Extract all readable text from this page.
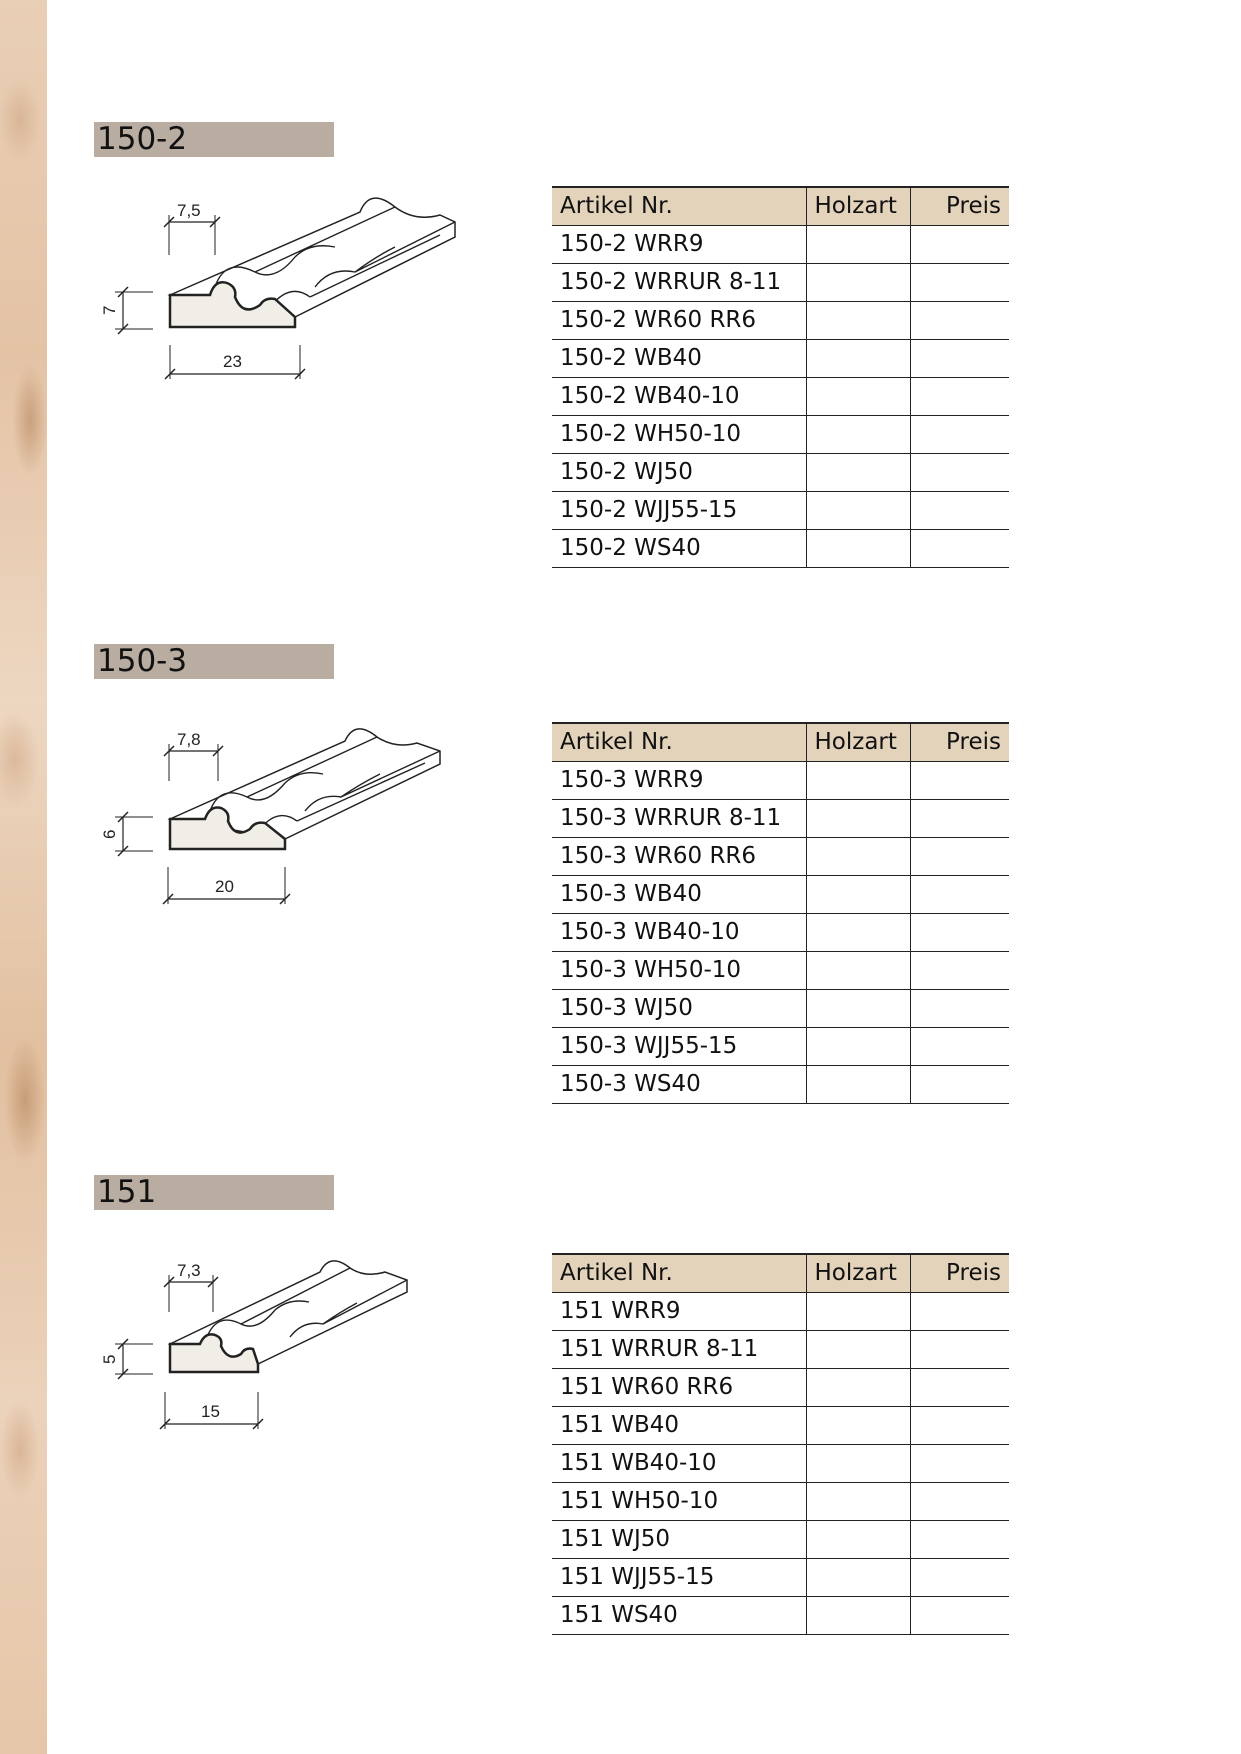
150-2
7,5
7
23
Artikel Nr.	Holzart	Preis
150-2 WRR9		
150-2 WRRUR 8-11		
150-2 WR60 RR6		
150-2 WB40		
150-2 WB40-10		
150-2 WH50-10		
150-2 WJ50		
150-2 WJJ55-15		
150-2 WS40		
150-3
7,8
6
20
Artikel Nr.	Holzart	Preis
150-3 WRR9		
150-3 WRRUR 8-11		
150-3 WR60 RR6		
150-3 WB40		
150-3 WB40-10		
150-3 WH50-10		
150-3 WJ50		
150-3 WJJ55-15		
150-3 WS40		
151
7,3
5
15
Artikel Nr.	Holzart	Preis
151 WRR9		
151 WRRUR 8-11		
151 WR60 RR6		
151 WB40		
151 WB40-10		
151 WH50-10		
151 WJ50		
151 WJJ55-15		
151 WS40		
